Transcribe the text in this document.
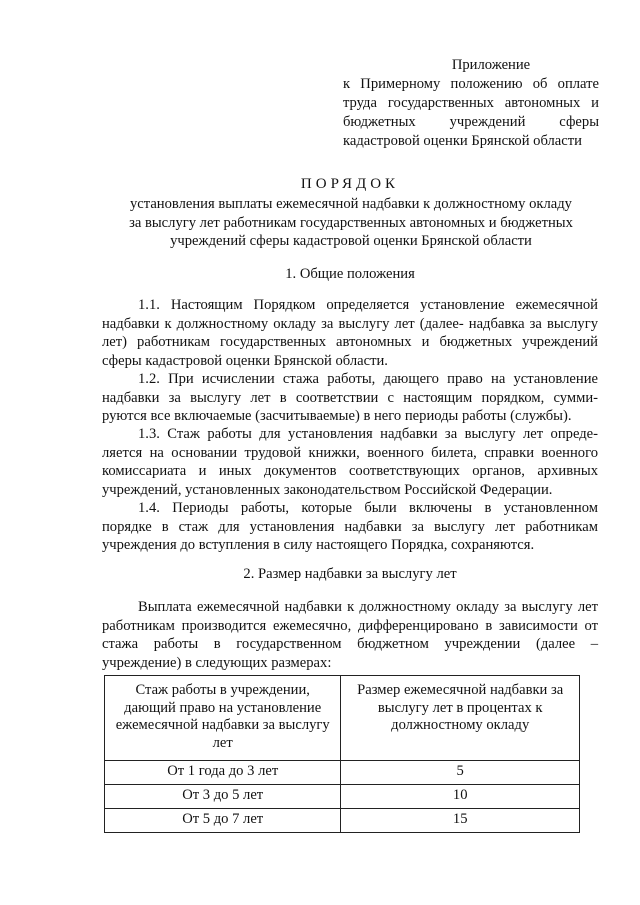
Приложение
к Примерному положению об оплате
труда государственных автономных и
бюджетных учреждений сферы
кадастровой оценки Брянской области
ПОРЯДОК
установления выплаты ежемесячной надбавки к должностному окладу
за выслугу лет работникам государственных автономных и бюджетных
учреждений сферы кадастровой оценки Брянской области
1. Общие положения
1.1. Настоящим Порядком определяется установление ежемесячной
надбавки к должностному окладу за выслугу лет (далее- надбавка за выслугу
лет) работникам государственных автономных и бюджетных учреждений
сферы кадастровой оценки Брянской области.
1.2. При исчислении стажа работы, дающего право на установление
надбавки за выслугу лет в соответствии с настоящим порядком, сумми-
руются все включаемые (засчитываемые) в него периоды работы (службы).
1.3. Стаж работы для установления надбавки за выслугу лет опреде-
ляется на основании трудовой книжки, военного билета, справки военного
комиссариата и иных документов соответствующих органов, архивных
учреждений, установленных законодательством Российской Федерации.
1.4. Периоды работы, которые были включены в установленном
порядке в стаж для установления надбавки за выслугу лет работникам
учреждения до вступления в силу настоящего Порядка, сохраняются.
2. Размер надбавки за выслугу лет
Выплата ежемесячной надбавки к должностному окладу за выслугу лет
работникам производится ежемесячно, дифференцировано в зависимости от
стажа работы в государственном бюджетном учреждении (далее –
учреждение) в следующих размерах:
Стаж работы в учреждении, дающий право на установление ежемесячной надбавки за выслугу лет	Размер ежемесячной надбавки за выслугу лет в процентах к должностному окладу
От 1 года до 3 лет	5
От 3 до 5 лет	10
От 5 до 7 лет	15
